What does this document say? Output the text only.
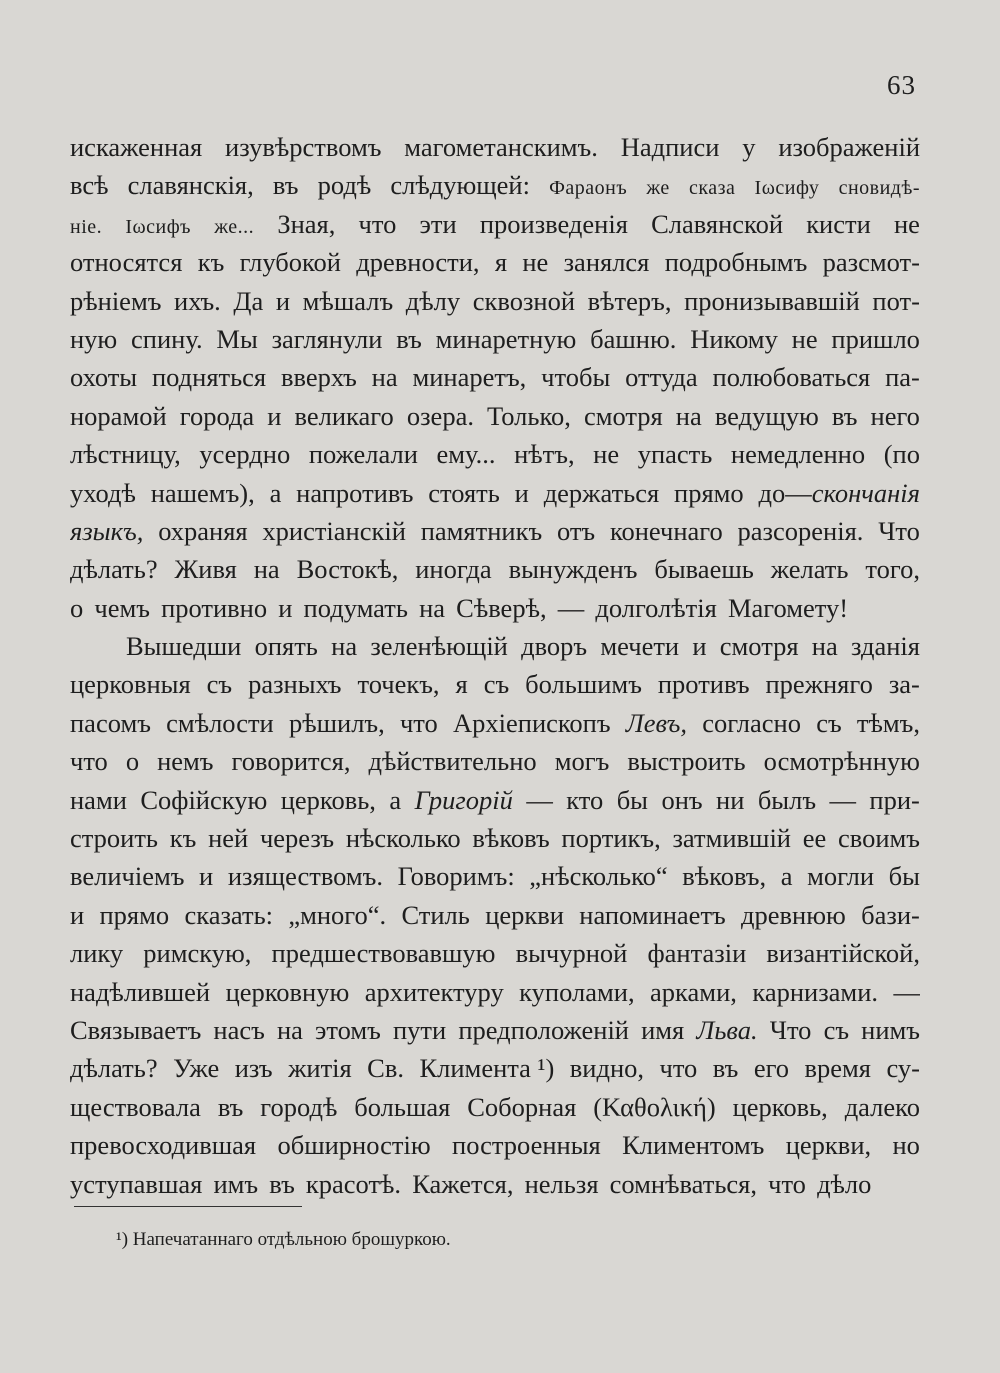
63
искаженная изувѣрствомъ магометанскимъ. Надписи у изображенiй
всѣ славянскiя, въ родѣ слѣдующей: Фараонъ же сказа Iωсифу сновидѣ-
нiе. Iωсифъ же... Зная, что эти произведенiя Славянской кисти не
относятся къ глубокой древности, я не занялся подробнымъ разсмот-
рѣнiемъ ихъ. Да и мѣшалъ дѣлу сквозной вѣтеръ, пронизывавшiй пот-
ную спину. Мы заглянули въ минаретную башню. Никому не пришло
охоты подняться вверхъ на минаретъ, чтобы оттуда полюбоваться па-
норамой города и великаго озера. Только, смотря на ведущую въ него
лѣстницу, усердно пожелали ему... нѣтъ, не упасть немедленно (по
уходѣ нашемъ), а напротивъ стоять и держаться прямо до—скончанiя
языкъ, охраняя христiанскiй памятникъ отъ конечнаго разсоренiя. Что
дѣлать? Живя на Востокѣ, иногда вынужденъ бываешь желать того,
о чемъ противно и подумать на Сѣверѣ, — долголѣтiя Магомету!
Вышедши опять на зеленѣющiй дворъ мечети и смотря на зданiя
церковныя съ разныхъ точекъ, я съ большимъ противъ прежняго за-
пасомъ смѣлости рѣшилъ, что Архiепископъ Левъ, согласно съ тѣмъ,
что о немъ говорится, дѣйствительно могъ выстроить осмотрѣнную
нами Софiйскую церковь, а Григорiй — кто бы онъ ни былъ — при-
строить къ ней черезъ нѣсколько вѣковъ портикъ, затмившiй ее своимъ
величiемъ и изяществомъ. Говоримъ: „нѣсколько“ вѣковъ, а могли бы
и прямо сказать: „много“. Стиль церкви напоминаетъ древнюю бази-
лику римскую, предшествовавшую вычурной фантазiи византiйской,
надѣлившей церковную архитектуру куполами, арками, карнизами. —
Связываетъ насъ на этомъ пути предположенiй имя Льва. Что съ нимъ
дѣлать? Уже изъ житiя Св. Климента ¹) видно, что въ его время су-
ществовала въ городѣ большая Соборная (Καθολική) церковь, далеко
превосходившая обширностiю построенныя Климентомъ церкви, но
уступавшая имъ въ красотѣ. Кажется, нельзя сомнѣваться, что дѣло
¹) Напечатаннаго отдѣльною брошуркою.
